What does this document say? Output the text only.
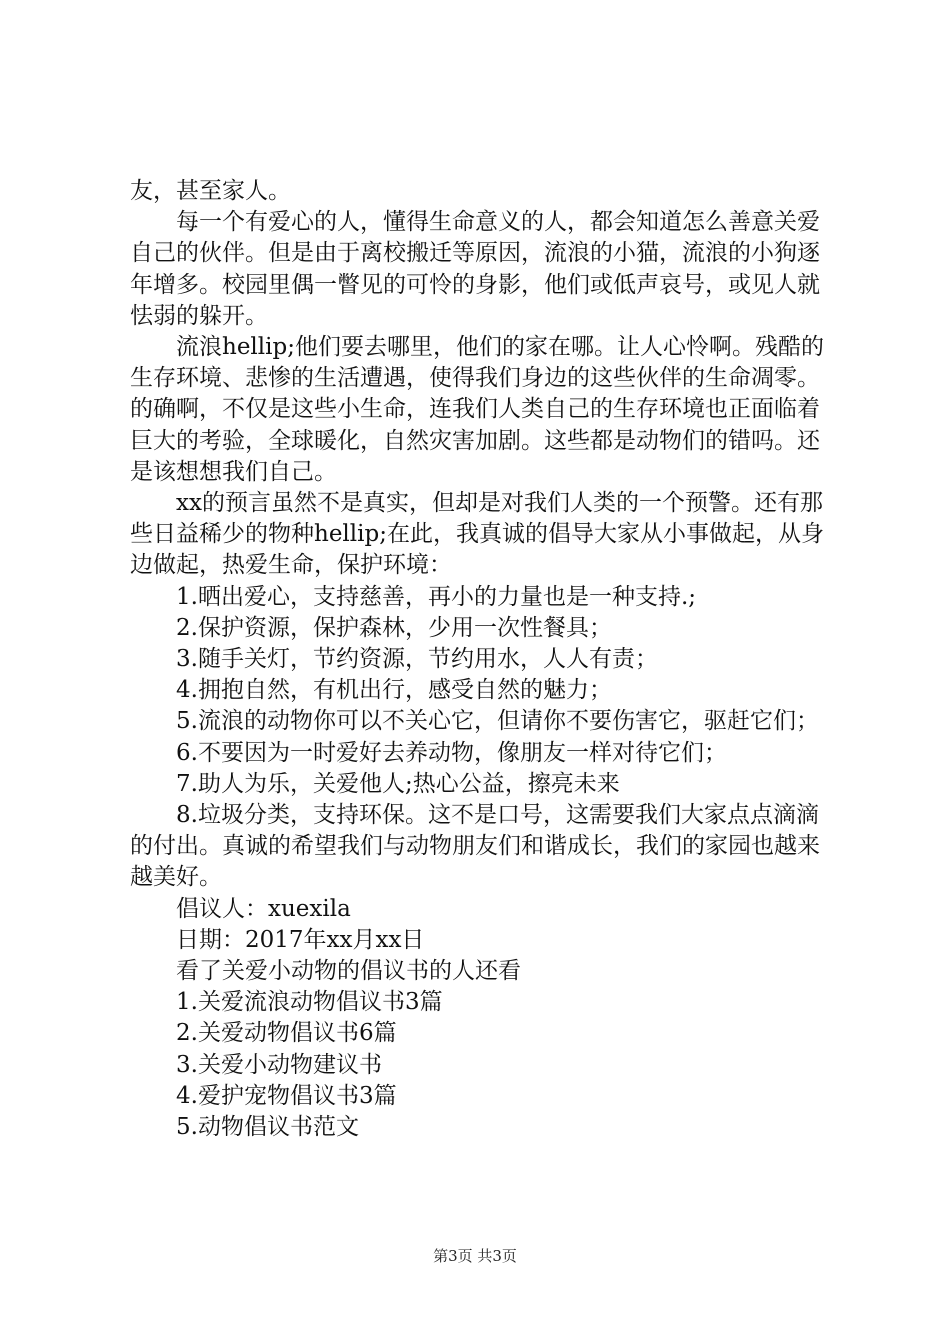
友，甚至家人。

每一个有爱心的人，懂得生命意义的人，都会知道怎么善意关爱自己的伙伴。但是由于离校搬迁等原因，流浪的小猫，流浪的小狗逐年增多。校园里偶一瞥见的可怜的身影，他们或低声哀号，或见人就怯弱的躲开。

流浪hellip;他们要去哪里，他们的家在哪。让人心怜啊。残酷的生存环境、悲惨的生活遭遇，使得我们身边的这些伙伴的生命凋零。的确啊，不仅是这些小生命，连我们人类自己的生存环境也正面临着巨大的考验，全球暖化，自然灾害加剧。这些都是动物们的错吗。还是该想想我们自己。

xx的预言虽然不是真实，但却是对我们人类的一个预警。还有那些日益稀少的物种hellip;在此，我真诚的倡导大家从小事做起，从身边做起，热爱生命，保护环境：

1.晒出爱心，支持慈善，再小的力量也是一种支持.;

2.保护资源，保护森林，少用一次性餐具；

3.随手关灯，节约资源，节约用水，人人有责；

4.拥抱自然，有机出行，感受自然的魅力；

5.流浪的动物你可以不关心它，但请你不要伤害它，驱赶它们；

6.不要因为一时爱好去养动物，像朋友一样对待它们；

7.助人为乐，关爱他人;热心公益，擦亮未来

8.垃圾分类，支持环保。这不是口号，这需要我们大家点点滴滴的付出。真诚的希望我们与动物朋友们和谐成长，我们的家园也越来越美好。

倡议人：xuexila

日期：2017年xx月xx日

看了关爱小动物的倡议书的人还看

1.关爱流浪动物倡议书3篇

2.关爱动物倡议书6篇

3.关爱小动物建议书

4.爱护宠物倡议书3篇

5.动物倡议书范文

第3页 共3页
